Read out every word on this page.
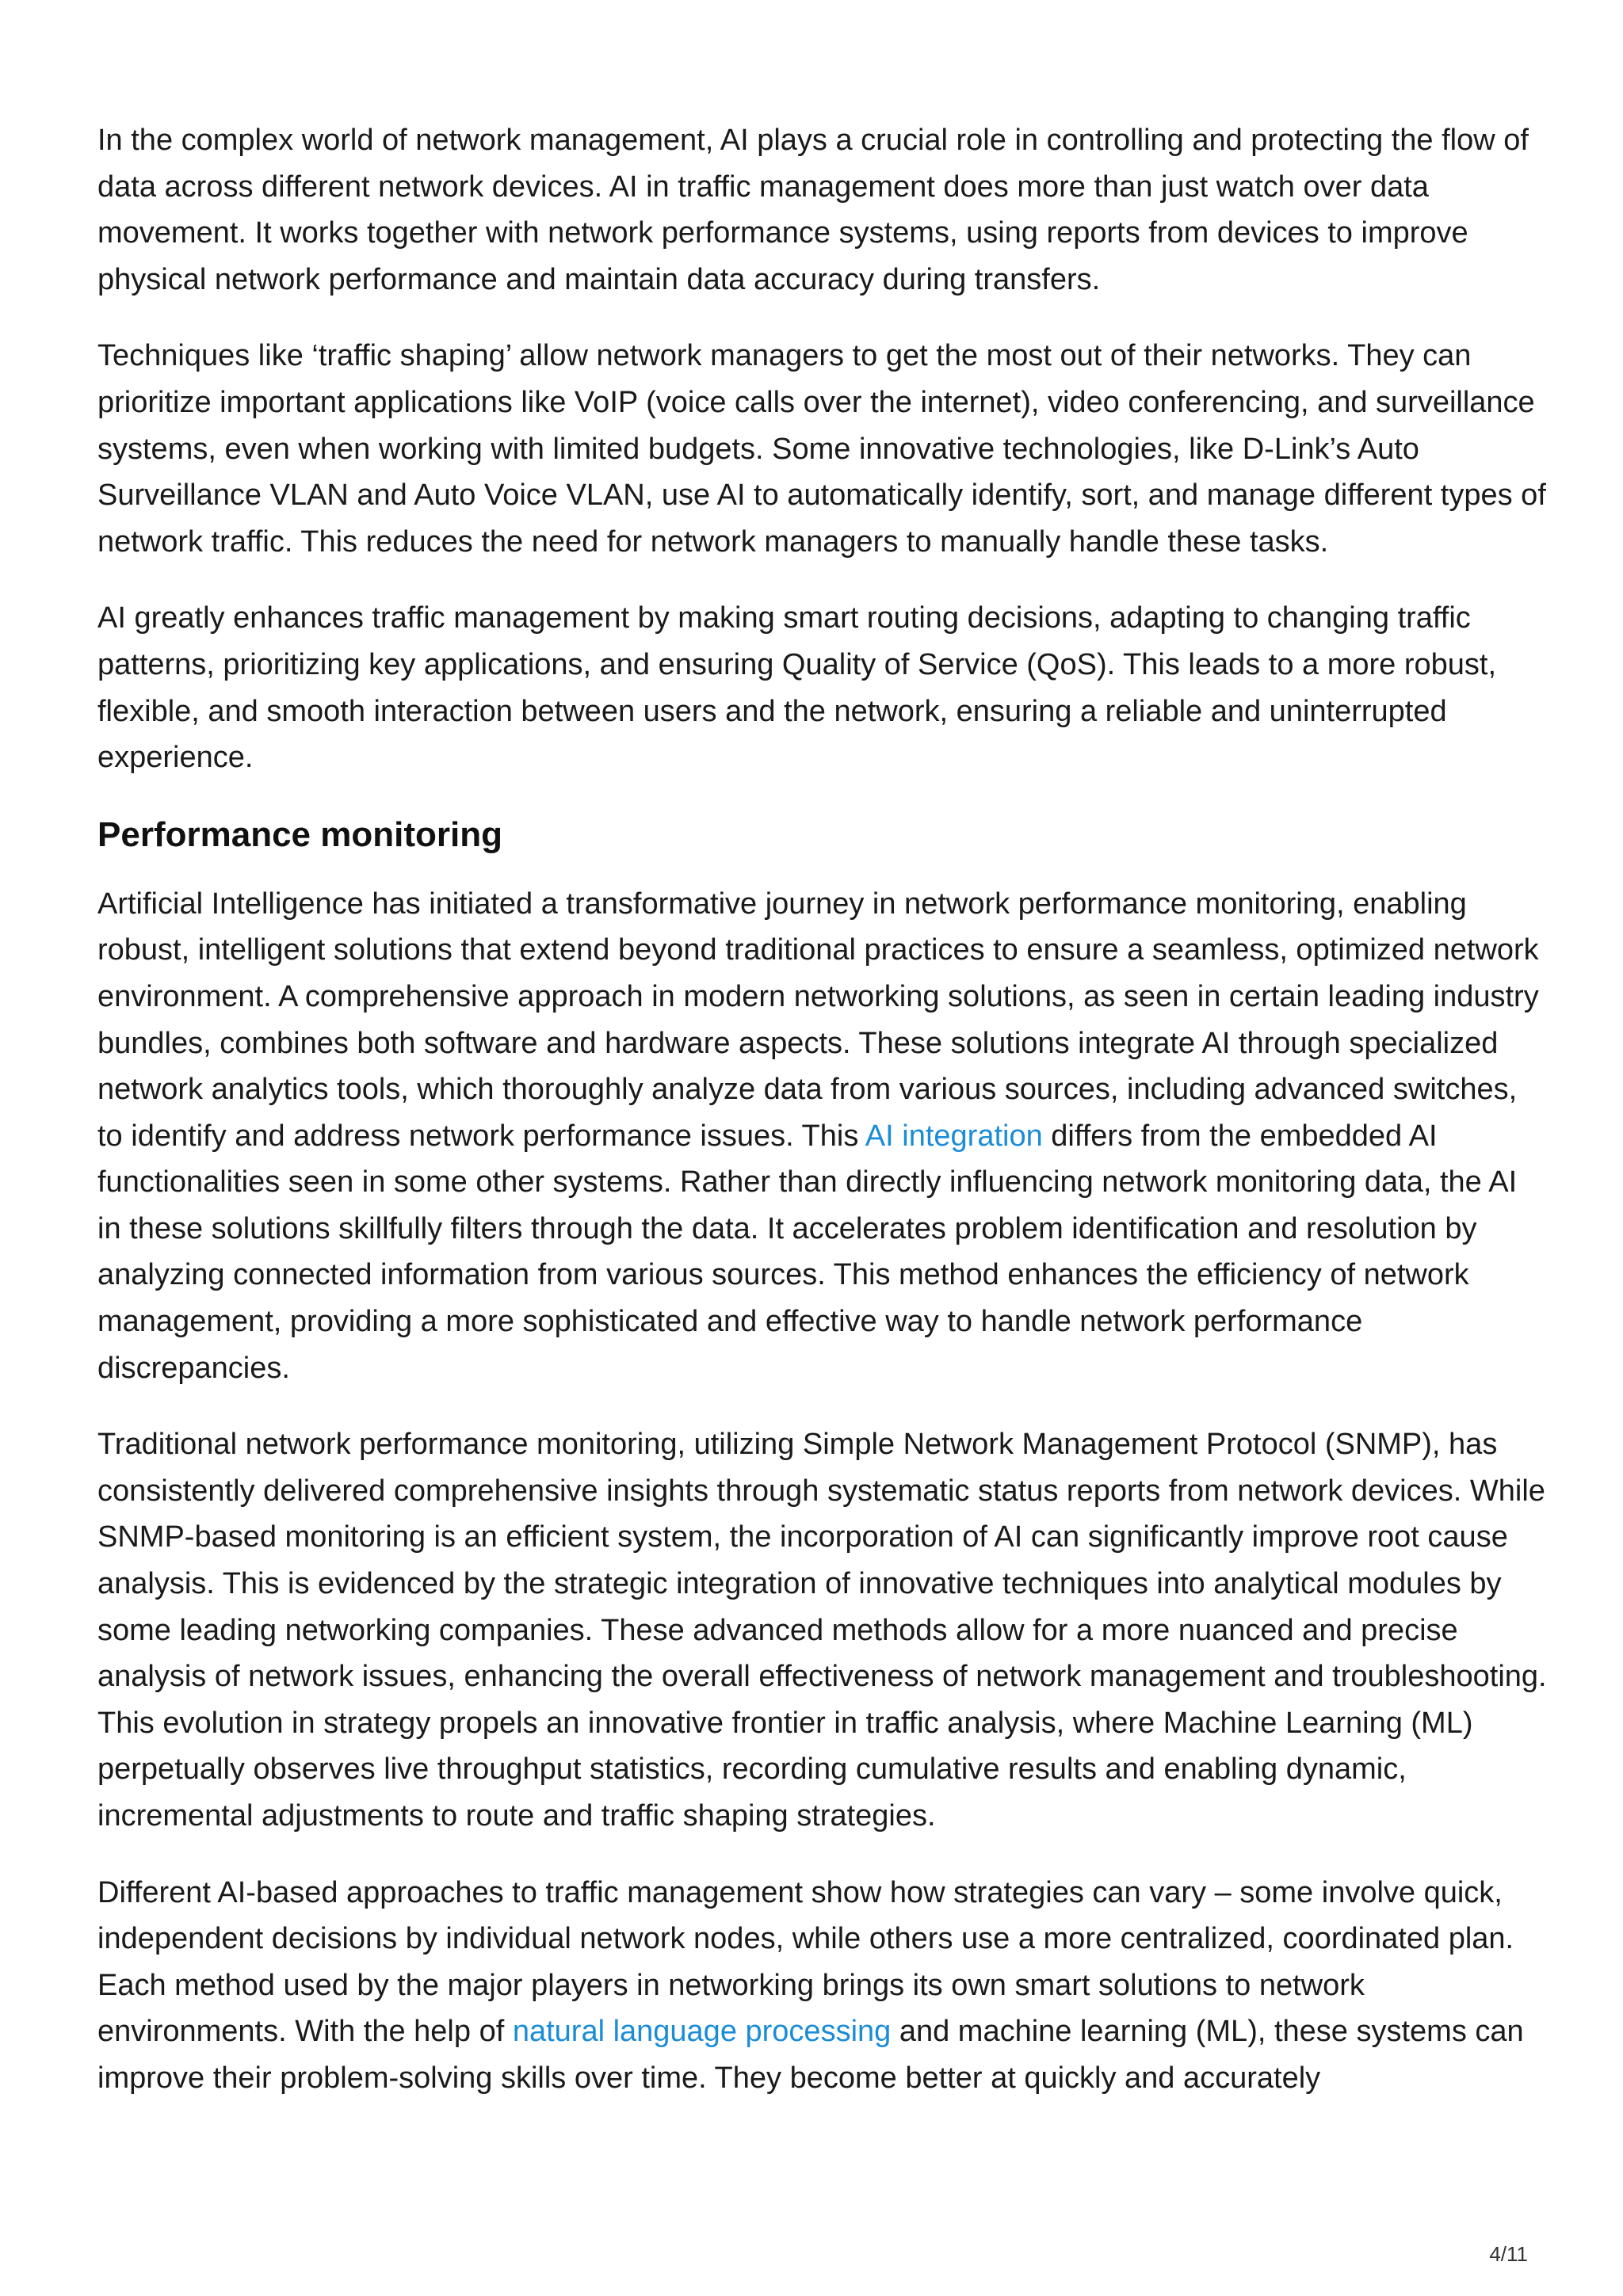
In the complex world of network management, AI plays a crucial role in controlling and protecting the flow of data across different network devices. AI in traffic management does more than just watch over data movement. It works together with network performance systems, using reports from devices to improve physical network performance and maintain data accuracy during transfers.

Techniques like ‘traffic shaping’ allow network managers to get the most out of their networks. They can prioritize important applications like VoIP (voice calls over the internet), video conferencing, and surveillance systems, even when working with limited budgets. Some innovative technologies, like D-Link’s Auto Surveillance VLAN and Auto Voice VLAN, use AI to automatically identify, sort, and manage different types of network traffic. This reduces the need for network managers to manually handle these tasks.

AI greatly enhances traffic management by making smart routing decisions, adapting to changing traffic patterns, prioritizing key applications, and ensuring Quality of Service (QoS). This leads to a more robust, flexible, and smooth interaction between users and the network, ensuring a reliable and uninterrupted experience.

Performance monitoring

Artificial Intelligence has initiated a transformative journey in network performance monitoring, enabling robust, intelligent solutions that extend beyond traditional practices to ensure a seamless, optimized network environment. A comprehensive approach in modern networking solutions, as seen in certain leading industry bundles, combines both software and hardware aspects. These solutions integrate AI through specialized network analytics tools, which thoroughly analyze data from various sources, including advanced switches, to identify and address network performance issues. This AI integration differs from the embedded AI functionalities seen in some other systems. Rather than directly influencing network monitoring data, the AI in these solutions skillfully filters through the data. It accelerates problem identification and resolution by analyzing connected information from various sources. This method enhances the efficiency of network management, providing a more sophisticated and effective way to handle network performance discrepancies.

Traditional network performance monitoring, utilizing Simple Network Management Protocol (SNMP), has consistently delivered comprehensive insights through systematic status reports from network devices. While SNMP-based monitoring is an efficient system, the incorporation of AI can significantly improve root cause analysis. This is evidenced by the strategic integration of innovative techniques into analytical modules by some leading networking companies. These advanced methods allow for a more nuanced and precise analysis of network issues, enhancing the overall effectiveness of network management and troubleshooting. This evolution in strategy propels an innovative frontier in traffic analysis, where Machine Learning (ML) perpetually observes live throughput statistics, recording cumulative results and enabling dynamic, incremental adjustments to route and traffic shaping strategies.

Different AI-based approaches to traffic management show how strategies can vary – some involve quick, independent decisions by individual network nodes, while others use a more centralized, coordinated plan. Each method used by the major players in networking brings its own smart solutions to network environments. With the help of natural language processing and machine learning (ML), these systems can improve their problem-solving skills over time. They become better at quickly and accurately

4/11
